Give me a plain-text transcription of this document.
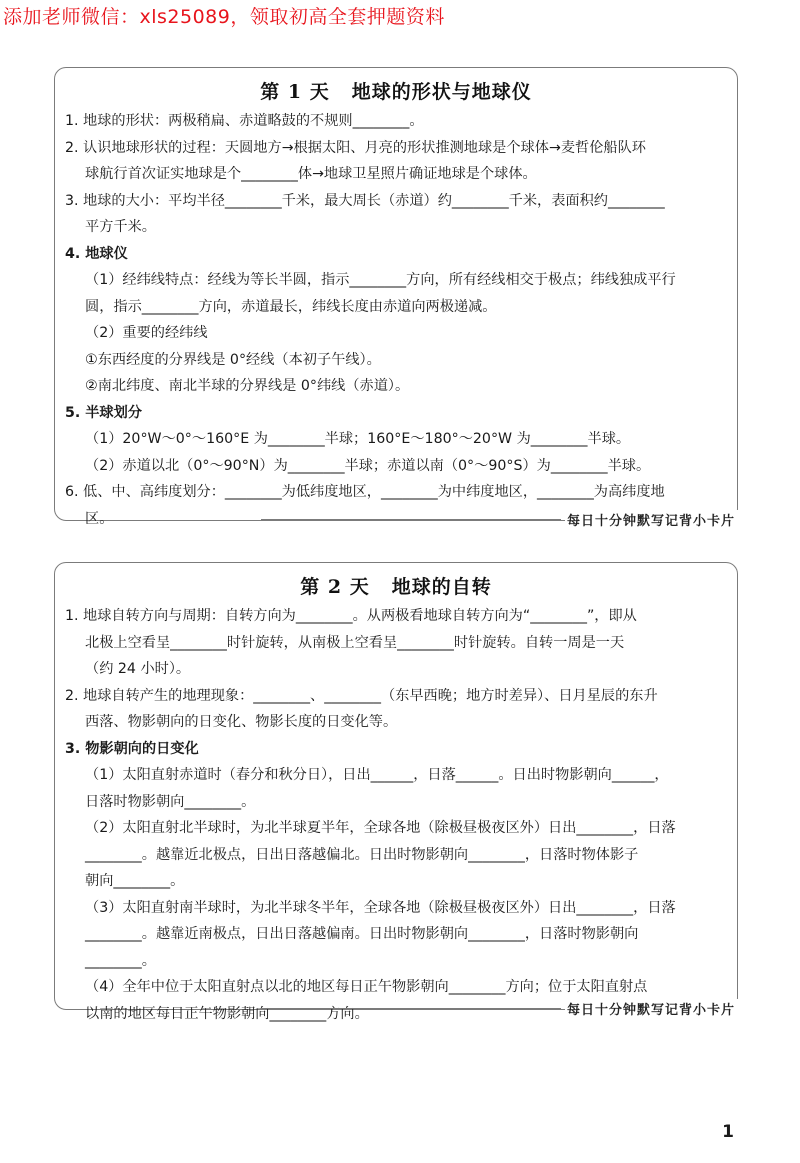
添加老师微信：xls25089，领取初高全套押题资料
第 1 天 地球的形状与地球仪
1. 地球的形状：两极稍扁、赤道略鼓的不规则________。
2. 认识地球形状的过程：天圆地方→根据太阳、月亮的形状推测地球是个球体→麦哲伦船队环
球航行首次证实地球是个________体→地球卫星照片确证地球是个球体。
3. 地球的大小：平均半径________千米，最大周长（赤道）约________千米，表面积约________
平方千米。
4. 地球仪
（1）经纬线特点：经线为等长半圆，指示________方向，所有经线相交于极点；纬线独成平行
圆，指示________方向，赤道最长，纬线长度由赤道向两极递减。
（2）重要的经纬线
①东西经度的分界线是 0°经线（本初子午线）。
②南北纬度、南北半球的分界线是 0°纬线（赤道）。
5. 半球划分
（1）20°W～0°～160°E 为________半球；160°E～180°～20°W 为________半球。
（2）赤道以北（0°～90°N）为________半球；赤道以南（0°～90°S）为________半球。
6. 低、中、高纬度划分：________为低纬度地区，________为中纬度地区，________为高纬度地
区。	每日十分钟默写记背小卡片
第 2 天 地球的自转
1. 地球自转方向与周期：自转方向为________。从两极看地球自转方向为“________”，即从
北极上空看呈________时针旋转，从南极上空看呈________时针旋转。自转一周是一天
（约 24 小时）。
2. 地球自转产生的地理现象：________、________（东早西晚；地方时差异）、日月星辰的东升
西落、物影朝向的日变化、物影长度的日变化等。
3. 物影朝向的日变化
（1）太阳直射赤道时（春分和秋分日），日出______，日落______。日出时物影朝向______，
日落时物影朝向________。
（2）太阳直射北半球时，为北半球夏半年，全球各地（除极昼极夜区外）日出________，日落
________。越靠近北极点，日出日落越偏北。日出时物影朝向________，日落时物体影子
朝向________。
（3）太阳直射南半球时，为北半球冬半年，全球各地（除极昼极夜区外）日出________，日落
________。越靠近南极点，日出日落越偏南。日出时物影朝向________，日落时物影朝向
________。
（4）全年中位于太阳直射点以北的地区每日正午物影朝向________方向；位于太阳直射点
以南的地区每日正午物影朝向________方向。	每日十分钟默写记背小卡片
1
